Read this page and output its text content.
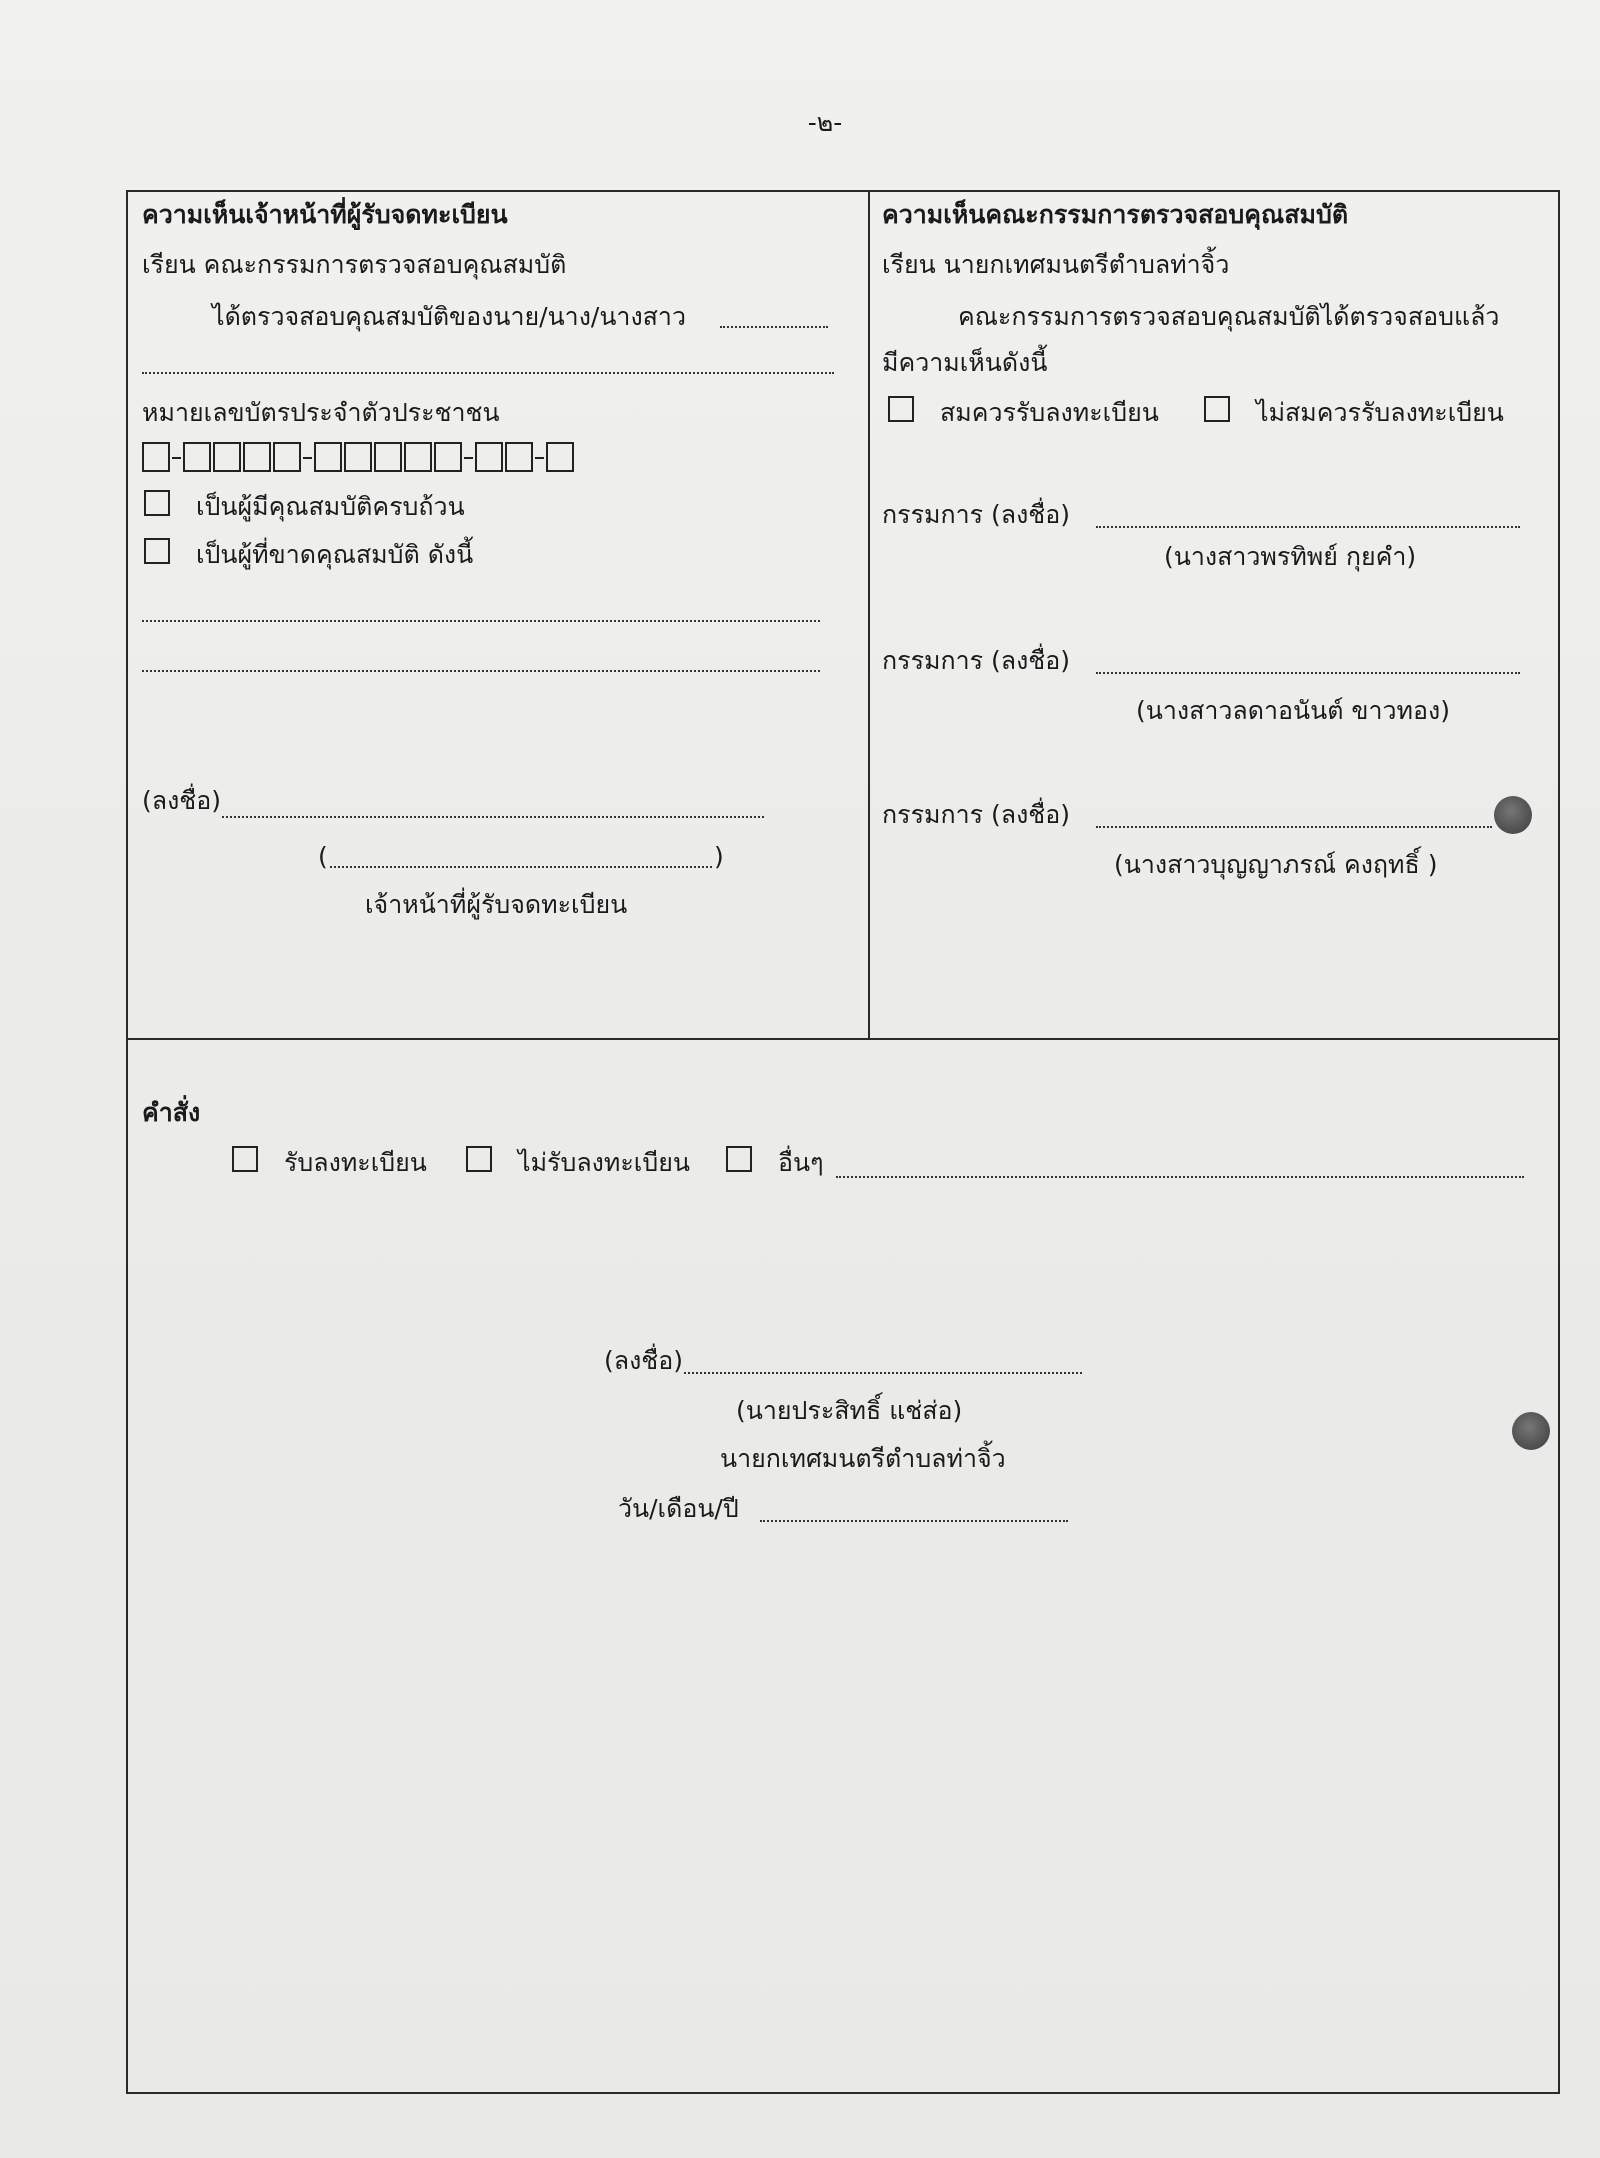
-๒-
ความเห็นเจ้าหน้าที่ผู้รับจดทะเบียน
เรียน คณะกรรมการตรวจสอบคุณสมบัติ
ได้ตรวจสอบคุณสมบัติของนาย/นาง/นางสาว
หมายเลขบัตรประจำตัวประชาชน
เป็นผู้มีคุณสมบัติครบถ้วน
เป็นผู้ที่ขาดคุณสมบัติ ดังนี้
(ลงชื่อ)
(	)
เจ้าหน้าที่ผู้รับจดทะเบียน
ความเห็นคณะกรรมการตรวจสอบคุณสมบัติ
เรียน นายกเทศมนตรีตำบลท่าจิ้ว
คณะกรรมการตรวจสอบคุณสมบัติได้ตรวจสอบแล้ว
มีความเห็นดังนี้
สมควรรับลงทะเบียน	ไม่สมควรรับลงทะเบียน
กรรมการ (ลงชื่อ)
(นางสาวพรทิพย์ กุยคำ)
กรรมการ (ลงชื่อ)
(นางสาวลดาอนันต์ ขาวทอง)
กรรมการ (ลงชื่อ)
(นางสาวบุญญาภรณ์ คงฤทธิ์ )
คำสั่ง
รับลงทะเบียน	ไม่รับลงทะเบียน	อื่นๆ
(ลงชื่อ)
(นายประสิทธิ์ แช่ส่อ)
นายกเทศมนตรีตำบลท่าจิ้ว
วัน/เดือน/ปี
